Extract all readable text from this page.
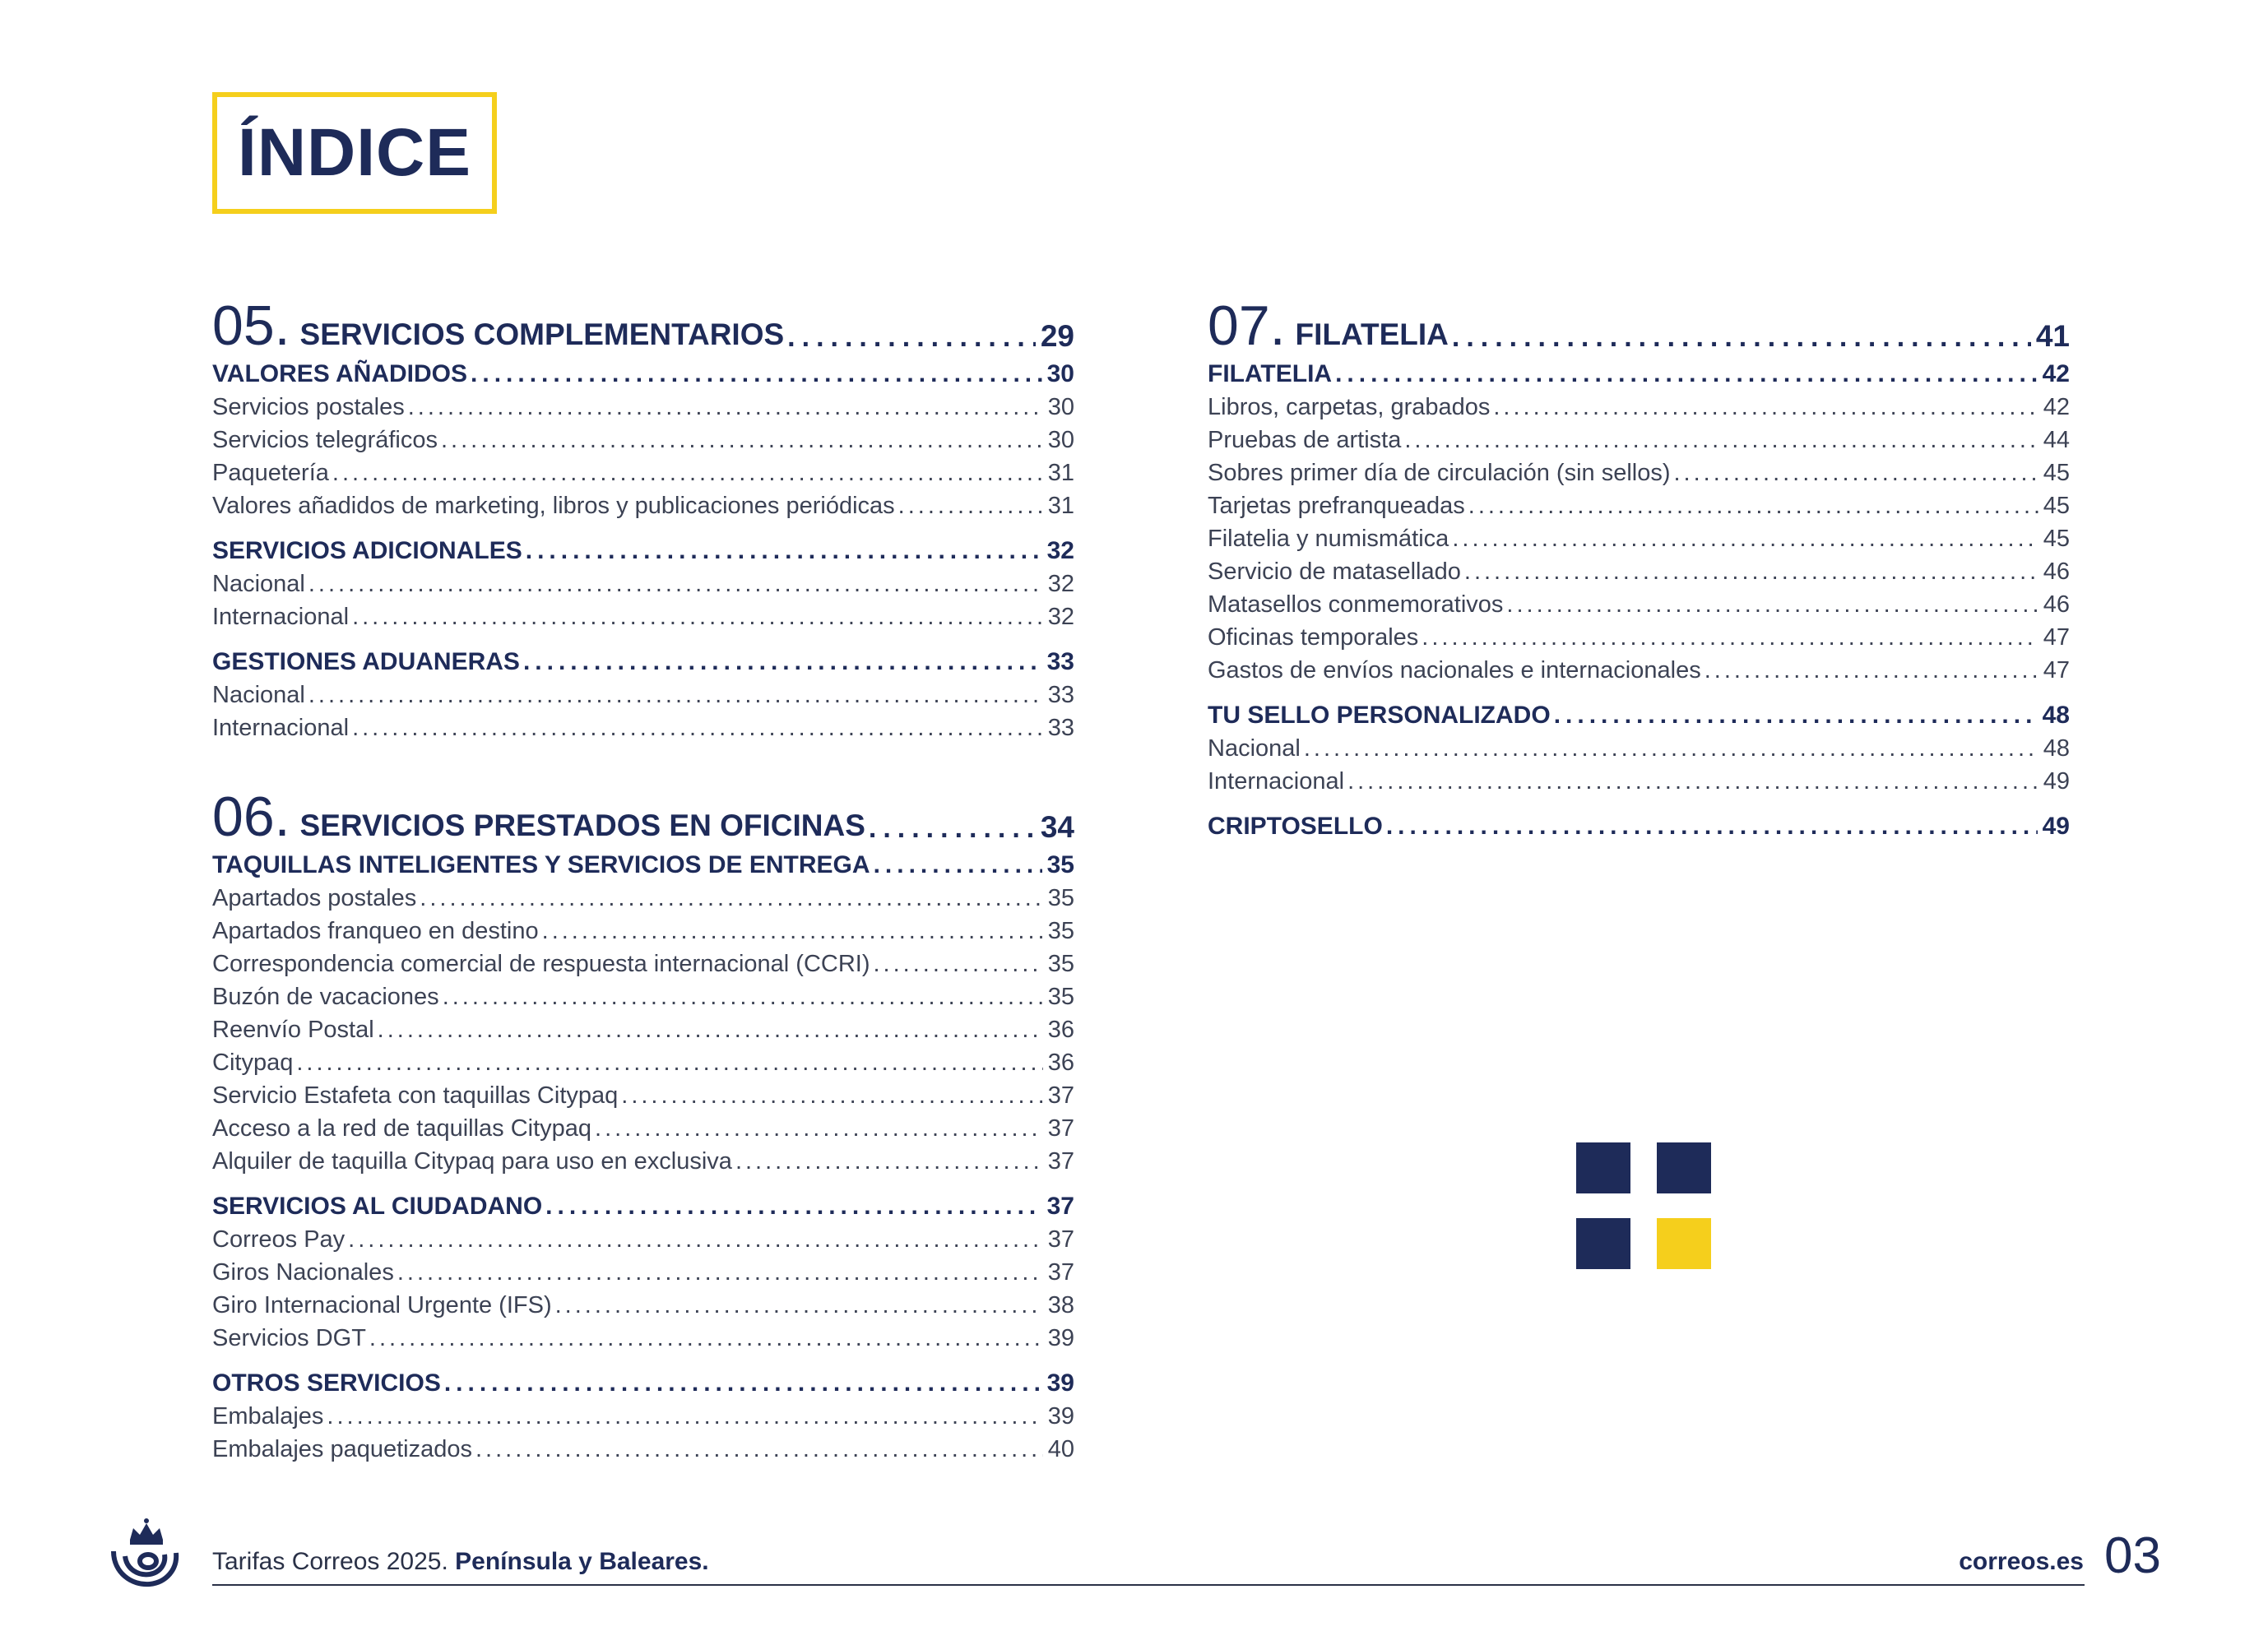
ÍNDICE
05. SERVICIOS COMPLEMENTARIOS .....	29
VALORES AÑADIDOS .....	30
Servicios postales .....	30
Servicios telegráficos .....	30
Paquetería .....	31
Valores añadidos de marketing, libros y publicaciones periódicas .....	31
SERVICIOS ADICIONALES .....	32
Nacional .....	32
Internacional .....	32
GESTIONES ADUANERAS .....	33
Nacional .....	33
Internacional .....	33
06. SERVICIOS PRESTADOS EN OFICINAS .....	34
TAQUILLAS INTELIGENTES Y SERVICIOS DE ENTREGA .....	35
Apartados postales .....	35
Apartados franqueo en destino .....	35
Correspondencia comercial de respuesta internacional (CCRI) .....	35
Buzón de vacaciones .....	35
Reenvío Postal .....	36
Citypaq .....	36
Servicio Estafeta con taquillas Citypaq .....	37
Acceso a la red de taquillas Citypaq .....	37
Alquiler de taquilla Citypaq para uso en exclusiva .....	37
SERVICIOS AL CIUDADANO .....	37
Correos Pay .....	37
Giros Nacionales .....	37
Giro Internacional Urgente (IFS) .....	38
Servicios DGT .....	39
OTROS SERVICIOS .....	39
Embalajes .....	39
Embalajes paquetizados .....	40
07. FILATELIA .....	41
FILATELIA .....	42
Libros, carpetas, grabados .....	42
Pruebas de artista .....	44
Sobres primer día de circulación (sin sellos) .....	45
Tarjetas prefranqueadas .....	45
Filatelia y numismática .....	45
Servicio de matasellado .....	46
Matasellos conmemorativos .....	46
Oficinas temporales .....	47
Gastos de envíos nacionales e internacionales .....	47
TU SELLO PERSONALIZADO .....	48
Nacional .....	48
Internacional .....	49
CRIPTOSELLO .....	49
Tarifas Correos 2025. Península y Baleares.	correos.es 03
